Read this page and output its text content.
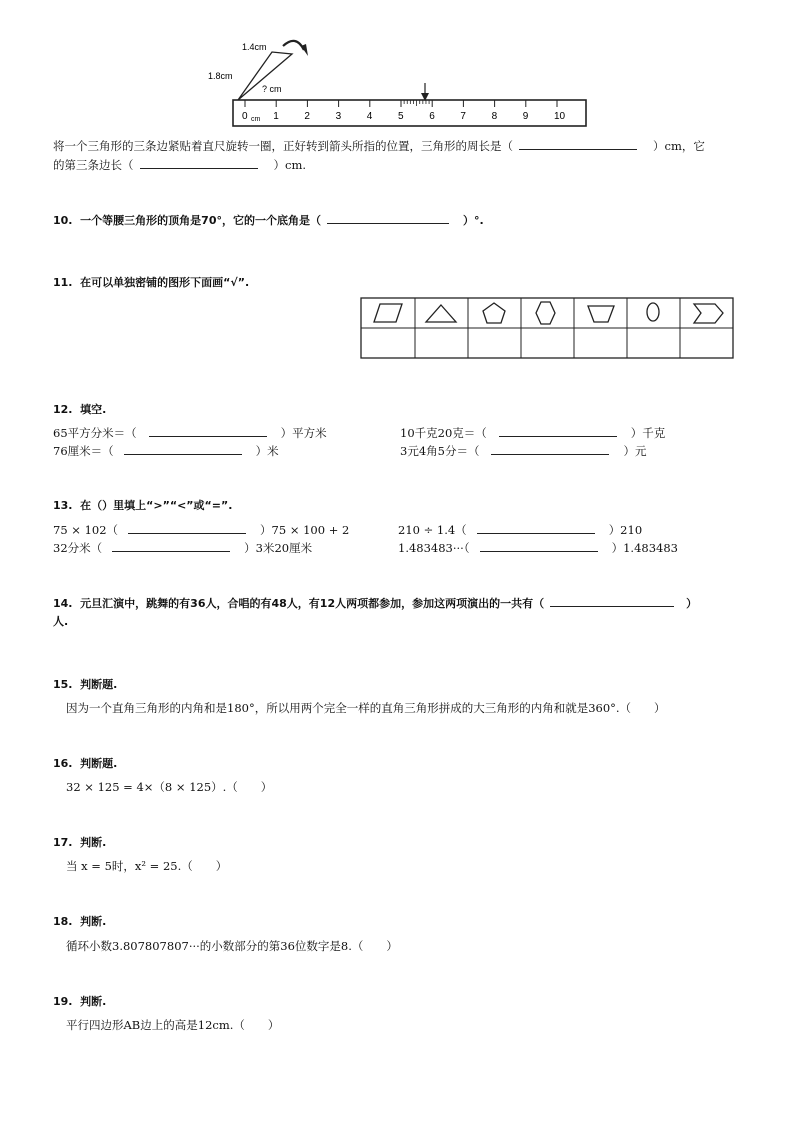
1.4cm
1.8cm
? cm
0	1	2	3	4	5	6	7	8	9	10
cm
将一个三角形的三条边紧贴着直尺旋转一圈，正好转到箭头所指的位置，三角形的周长是（	）cm，它
的第三条边长（	）cm.
10. 一个等腰三角形的顶角是70°，它的一个底角是（	）°.
11. 在可以单独密铺的图形下面画“√”.
12. 填空.
65平方分米＝（	）平方米	10千克20克＝（	）千克
76厘米＝（	）米	3元4角5分＝（	）元
13. 在（）里填上“>”“<”或“=”.
75 × 102（	）75 × 100 + 2	210 ÷ 1.4（	）210
32分米（	）3米20厘米	1.483483···（	）1.483483
14. 元旦汇演中，跳舞的有36人，合唱的有48人，有12人两项都参加，参加这两项演出的一共有（	）
人.
15. 判断题.
因为一个直角三角形的内角和是180°，所以用两个完全一样的直角三角形拼成的大三角形的内角和就是360°.（　　）
16. 判断题.
32 × 125 = 4×（8 × 125）.（　　）
17. 判断.
当 x = 5时，x² = 25.（　　）
18. 判断.
循环小数3.807807807···的小数部分的第36位数字是8.（　　）
19. 判断.
平行四边形AB边上的高是12cm.（　　）
